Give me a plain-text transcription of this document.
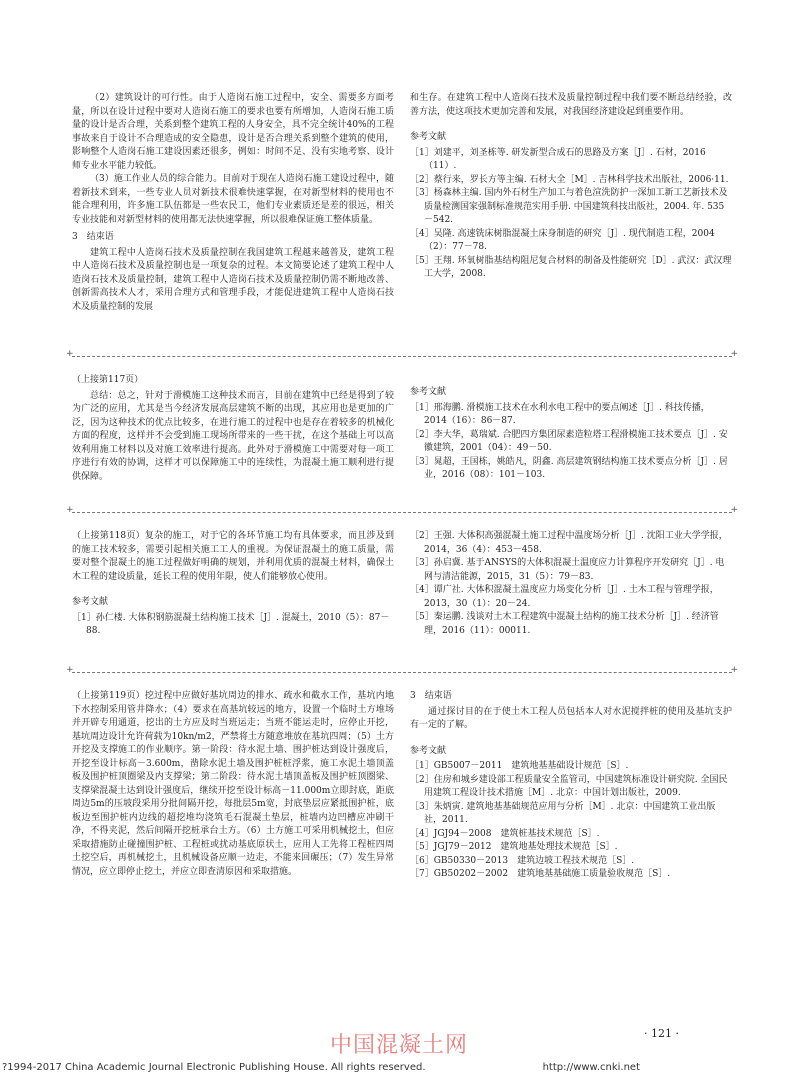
（2）建筑设计的可行性。由于人造岗石施工过程中，安全、需要多方面考量，所以在设计过程中要对人造岗石施工的要求也要有所增加，人造岗石施工质量的设计是否合理，关系到整个建筑工程的人身安全，具不完全统计40%的工程事故来自于设计不合理造成的安全隐患，设计是否合理关系到整个建筑的使用，影响整个人造岗石施工建设因素还很多，例如：时间不足、没有实地考察、设计师专业水平能力较低。

（3）施工作业人员的综合能力。目前对于现在人造岗石施工建设过程中，随着新技术到来，一些专业人员对新技术很难快速掌握，在对新型材料的使用也不能合理利用，许多施工队伍都是一些农民工，他们专业素质还是差的很远，相关专业技能和对新型材料的使用都无法快速掌握，所以很难保证施工整体质量。

3　结束语

建筑工程中人造岗石技术及质量控制在我国建筑工程越来越普及，建筑工程中人造岗石技术及质量控制也是一项复杂的过程。本文简要论述了建筑工程中人造岗石技术及质量控制，建筑工程中人造岗石技术及质量控制仍需不断地改善、创新需高技术人才，采用合理方式和管理手段，才能促进建筑工程中人造岗石技术及质量控制的发展

和生存。在建筑工程中人造岗石技术及质量控制过程中我们要不断总结经验，改善方法，使这项技术更加完善和发展，对我国经济建设起到重要作用。

参考文献
［1］刘建平，刘圣栋等. 研发新型合成石的思路及方案［J］. 石材，2016（11）.
［2］蔡行来，罗长方等主编. 石材大全［M］. 吉林科学技术出版社，2006·11.
［3］杨森林主编. 国内外石材生产加工与着色渲洗防护一深加工新工艺新技术及质量检测国家强制标准规范实用手册. 中国建筑科技出版社，2004. 年. 535－542.
［4］吴隆. 高速铣床树脂混凝土床身制造的研究［J］. 现代制造工程，2004（2）：77－78.
［5］王翔. 环氧树脂基结构阻尼复合材料的制备及性能研究［D］. 武汉：武汉理工大学，2008.
+ +
（上接第117页）

总结：总之，针对于滑模施工这种技术而言，目前在建筑中已经是得到了较为广泛的应用，尤其是当今经济发展高层建筑不断的出现，其应用也是更加的广泛，因为这种技术的优点比较多，在进行施工的过程中也是存在着较多的机械化方面的程度，这样并不会受到施工现场所带来的一些干扰，在这个基础上可以高效利用施工材料以及对施工效率进行提高。此外对于滑模施工中需要对每一项工序进行有效的协调，这样才可以保障施工中的连续性，为混凝土施工顺利进行提供保障。

参考文献
［1］邢海鹏. 滑模施工技术在水利水电工程中的要点阐述［J］. 科技传播，2014（16）：86－87.
［2］李大华，葛瑞斌. 合肥四方集团尿素造粒塔工程滑模施工技术要点［J］. 安徽建筑，2001（04）：49－50.
［3］晁超，王国栋，姚皓凡，阴鑫. 高层建筑钢结构施工技术要点分析［J］. 居业，2016（08）：101－103.
+ +

（上接第118页）复杂的施工，对于它的各环节施工均有具体要求，而且涉及到的施工技术较多，需要引起相关施工工人的重视。为保证混凝土的施工质量，需要对整个混凝土的施工过程做好明确的规划，并利用优质的混凝土材料，确保土木工程的建设质量，延长工程的使用年限，使人们能够放心使用。

参考文献
［1］孙仁楼. 大体积钢筋混凝土结构施工技术［J］. 混凝土，2010（5）：87－88.
［2］王强. 大体积高强混凝土施工过程中温度场分析［J］. 沈阳工业大学学报，2014，36（4）：453－458.
［3］孙启冀. 基于ANSYS的大体积混凝土温度应力计算程序开发研究［J］. 电网与清洁能源，2015，31（5）：79－83.
［4］谭广社. 大体积混凝土温度应力场变化分析［J］. 土木工程与管理学报，2013，30（1）：20－24.
［5］秦运鹏. 浅谈对土木工程建筑中混凝土结构的施工技术分析［J］. 经济管理，2016（11）：00011.
+ +

（上接第119页）挖过程中应做好基坑周边的排水、疏水和截水工作，基坑内地下水控制采用管井降水；（4）要求在高基坑较远的地方，设置一个临时土方堆场并开辟专用通道，挖出的土方应及时当班运走；当班不能运走时，应停止开挖，基坑周边设计允许荷载为10kn/m2，严禁将土方随意堆放在基坑四周；（5）土方开挖及支撑施工的作业顺序。第一阶段：待水泥土墙、围护桩达到设计强度后，开挖至设计标高－3.600m，凿除水泥土墙及围护桩桩浮浆，施工水泥土墙顶盖板及围护桩顶圈梁及内支撑梁；第二阶段：待水泥土墙顶盖板及围护桩顶圈梁、支撑梁混凝土达到设计强度后，继续开挖至设计标高－11.000m立即封底，距底周边5m的压坡段采用分批间隔开挖，每批层5m宽，封底垫层应紧抵围护桩，底板边至围护桩内边线的超挖堆均浇筑毛石混凝土垫层，桩墙内边凹槽应冲刷干净，不得夹泥，然后间隔开挖桩承台土方。（6）土方施工可采用机械挖土，但应采取措施防止碰撞围护桩、工程桩或扰动基底原状土，应用人工先将工程桩四周土挖空后，再机械挖土，且机械设备应顺一边走，不能来回碾压；（7）发生异常情况，应立即停止挖土，并应立即查清原因和采取措施。

3　结束语

通过探讨目的在于使土木工程人员包括本人对水泥搅拌桩的使用及基坑支护有一定的了解。

参考文献
［1］GB5007－2011　建筑地基基础设计规范［S］.
［2］住房和城乡建设部工程质量安全监管司，中国建筑标准设计研究院. 全国民用建筑工程设计技术措施［M］. 北京：中国计划出版社，2009.
［3］朱炳寅. 建筑地基基础规范应用与分析［M］. 北京：中国建筑工业出版社，2011.
［4］JGJ94－2008　建筑桩基技术规范［S］.
［5］JGJ79－2012　建筑地基处理技术规范［S］.
［6］GB50330－2013　建筑边坡工程技术规范［S］.
［7］GB50202－2002　建筑地基基础施工质量验收规范［S］.
· 121 ·
中国混凝土网
?1994-2017 China Academic Journal Electronic Publishing House. All rights reserved.	http://www.cnki.net
